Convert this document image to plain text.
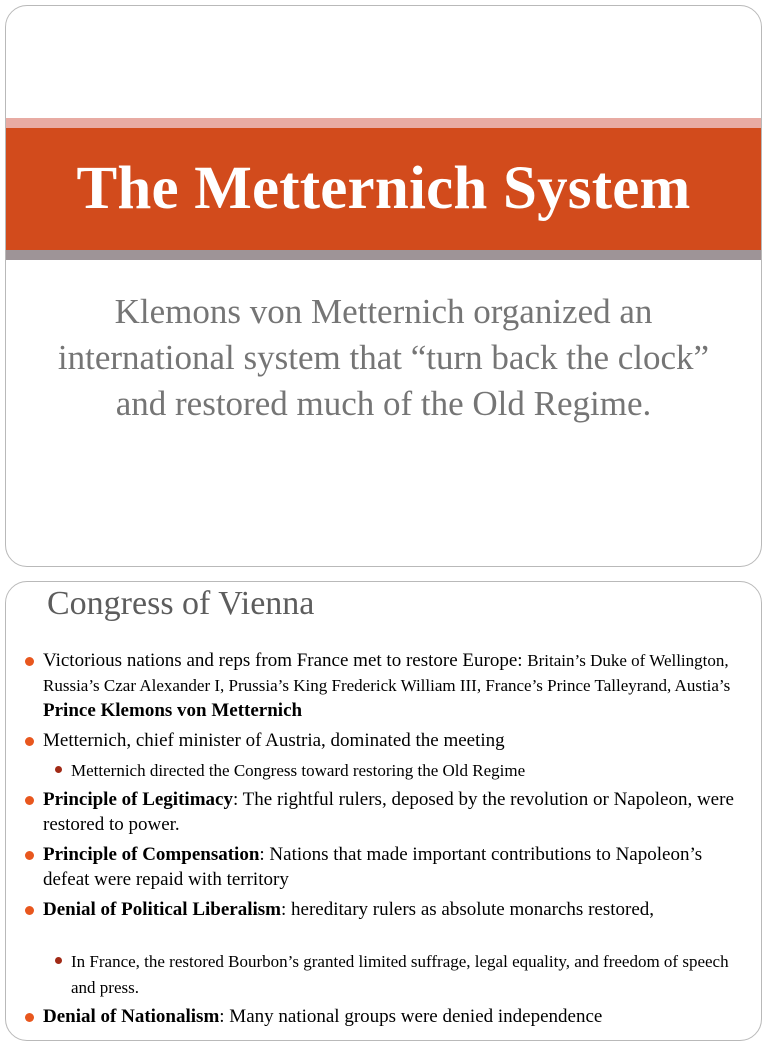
The Metternich System
Klemons von Metternich organized an
international system that “turn back the clock”
and restored much of the Old Regime.
Congress of Vienna
Victorious nations and reps from France met to restore Europe: Britain’s Duke of Wellington, Russia’s Czar Alexander I, Prussia’s King Frederick William III, France’s Prince Talleyrand, Austia’s Prince Klemons von Metternich
Metternich, chief minister of Austria, dominated the meeting
Metternich directed the Congress toward restoring the Old Regime
Principle of Legitimacy: The rightful rulers, deposed by the revolution or Napoleon, were restored to power.
Principle of Compensation: Nations that made important contributions to Napoleon’s defeat were repaid with territory
Denial of Political Liberalism: hereditary rulers as absolute monarchs restored,
In France, the restored Bourbon’s granted limited suffrage, legal equality, and freedom of speech and press.
Denial of Nationalism: Many national groups were denied independence
